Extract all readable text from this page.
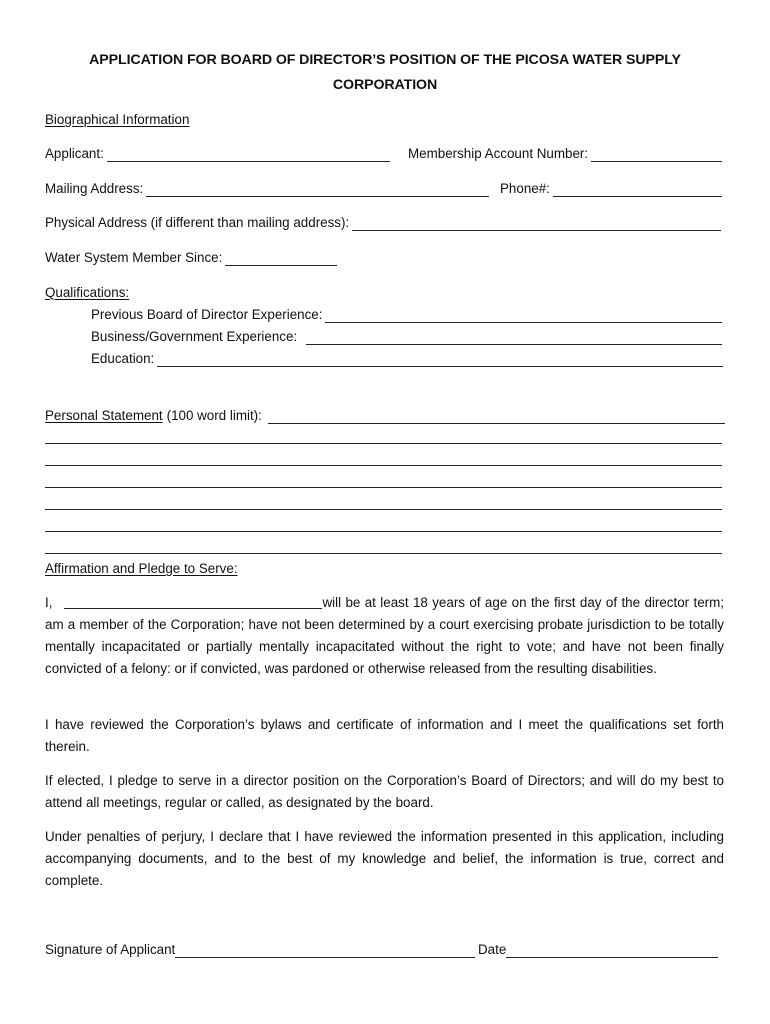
APPLICATION FOR BOARD OF DIRECTOR’S POSITION OF THE PICOSA WATER SUPPLY
CORPORATION
Biographical Information
Applicant:	Membership Account Number:
Mailing Address:	Phone#:
Physical Address (if different than mailing address):
Water System Member Since:
Qualifications:
Previous Board of Director Experience:
Business/Government Experience:
Education:
Personal Statement (100 word limit):
Affirmation and Pledge to Serve:
I,	will be at least 18 years of age on the first day of the director term; am a member of the Corporation; have not been determined by a court exercising probate jurisdiction to be totally mentally incapacitated or partially mentally incapacitated without the right to vote; and have not been finally convicted of a felony: or if convicted, was pardoned or otherwise released from the resulting disabilities.
I have reviewed the Corporation’s bylaws and certificate of information and I meet the qualifications set forth therein.
If elected, I pledge to serve in a director position on the Corporation’s Board of Directors; and will do my best to attend all meetings, regular or called, as designated by the board.
Under penalties of perjury, I declare that I have reviewed the information presented in this application, including accompanying documents, and to the best of my knowledge and belief, the information is true, correct and complete.
Signature of Applicant	Date
